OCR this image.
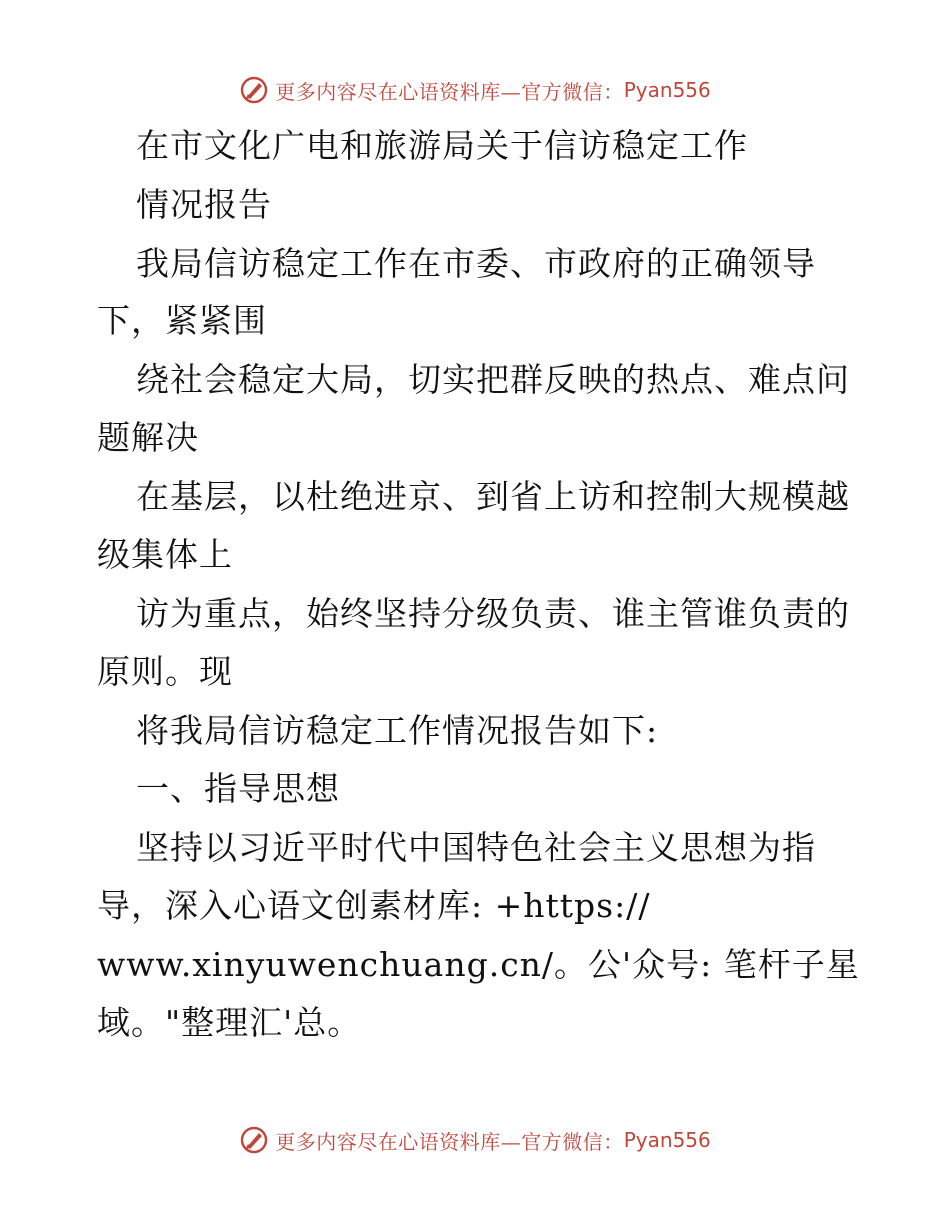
更多内容尽在心语资料库—官方微信： Pyan556
在市文化广电和旅游局关于信访稳定工作
情况报告
我局信访稳定工作在市委、市政府的正确领导
下，紧紧围
绕社会稳定大局，切实把群反映的热点、难点问
题解决
在基层，以杜绝进京、到省上访和控制大规模越
级集体上
访为重点，始终坚持分级负责、谁主管谁负责的
原则。现
将我局信访稳定工作情况报告如下:
一、指导思想
坚持以习近平时代中国特色社会主义思想为指
导，深入心语文创素材库: +https://
www.xinyuwenchuang.cn/。公'众号: 笔杆子星
域。"整理汇'总。
更多内容尽在心语资料库—官方微信： Pyan556
